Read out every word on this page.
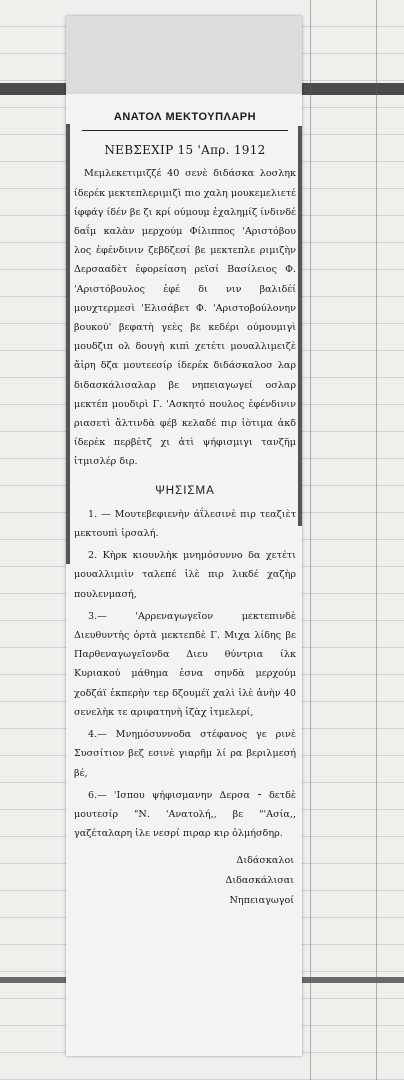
ΑΝΑΤΟΛ ΜΕΚΤΟΥΠΛΑΡΗ
ΝΕΒΣΕΧΙΡ 15 'Απρ. 1912

Μεμλεκετιμιζζέ 40 σενὲ διδάσκα λοσληκ ίδερέκ μεκτεπλεριμιζὶ πιο χαλη μουκεμελιετέ ίφφάγ ίδέν βε ζι κρί ούμουμ ἐχαλημίζ ίνδινδέ δαΐμ καλὰν μερχούμ Φίλιππος 'Αριστόβου λος ἐφένδινιν ζεβδζεσί βε μεκτεπλε ριμιζὴν Δερσααδὲτ ἐφορείαση ρεϊσί Βασίλειος Φ. 'Αριστόβουλος ἐφέ δι νιν βαλιδέί μουχτερμεσὶ 'Ελισάβετ Φ. 'Αριστοβούλονην βουκού' βεφατὴ γεὲς βε κεδέρι ούμουμιγὶ μουδζιπ ολ δουγὴ κιπὶ χετέτι μουαλλιμειζὲ ἄἰρη δζα μουτεεσίρ ίδερέκ διδάσκαλοσ λαρ διδασκάλισαλαρ βε νηπειαγωγεί οσλαρ μεκτέπ μουδιρὶ Γ. 'Ασκητό πουλος ἐφένδινιν ριασετὶ ἄλτινδὰ φέβ κελαδέ πιρ ἰὸτιμα ἀκδ ίδερὲκ περβέτζ χι ἀτὶ ψήφισμιγι τανζῆμ ἰτμισλέρ διρ.

ΨΗΣΙΣΜΑ

1. — Μουτεβεφιενὴν άΐλεσινὲ πιρ τεαζιὲτ μεκτουπὶ ἰρσαλή.

2. Κὴρκ κιουνλὴκ μνημόσυννο δα χετέτι μουαλλιμιὶν ταλεπέ ἰλὲ πιρ λικδέ χαζὴρ πουλενμασή,

3.— 'Αρρεναγωγεῖον μεκτεπινδὲ Διευθυντὴς ὀρτὰ μεκτεπδὲ Γ. Μιχα λίδης βε Παρθεναγωγεῖονδα Διευ θύντρια ίλκ Κυριακού μάθημα ἐσνα σηνδὰ μερχούμ χοδζάϊ ἐκπερὴν τερ δζουμέϊ χαλὶ ἰλὲ ἀνὴν 40 σενελὴκ τε αριφατηνὴ ἰζὰχ ἰτμελερί,

4.— Μνημόσυννοδα στέφανος γε ρινὲ Συσσίτιον βεζ εσινὲ γιαρῆμ λί ρα βεριλμεσή βέ,

6.— 'Ισπου ψήφισμανην Δερσα ⁃ δετδὲ μουτεσίρ "Ν. 'Ανατολή,, βε "'Ασία,, γαζέταλαρη ἰλε νεσρί πιραρ κιρ ὀλμήσδηρ.

Διδάσκαλοι
Διδασκάλισαι
Νηπειαγωγοί
